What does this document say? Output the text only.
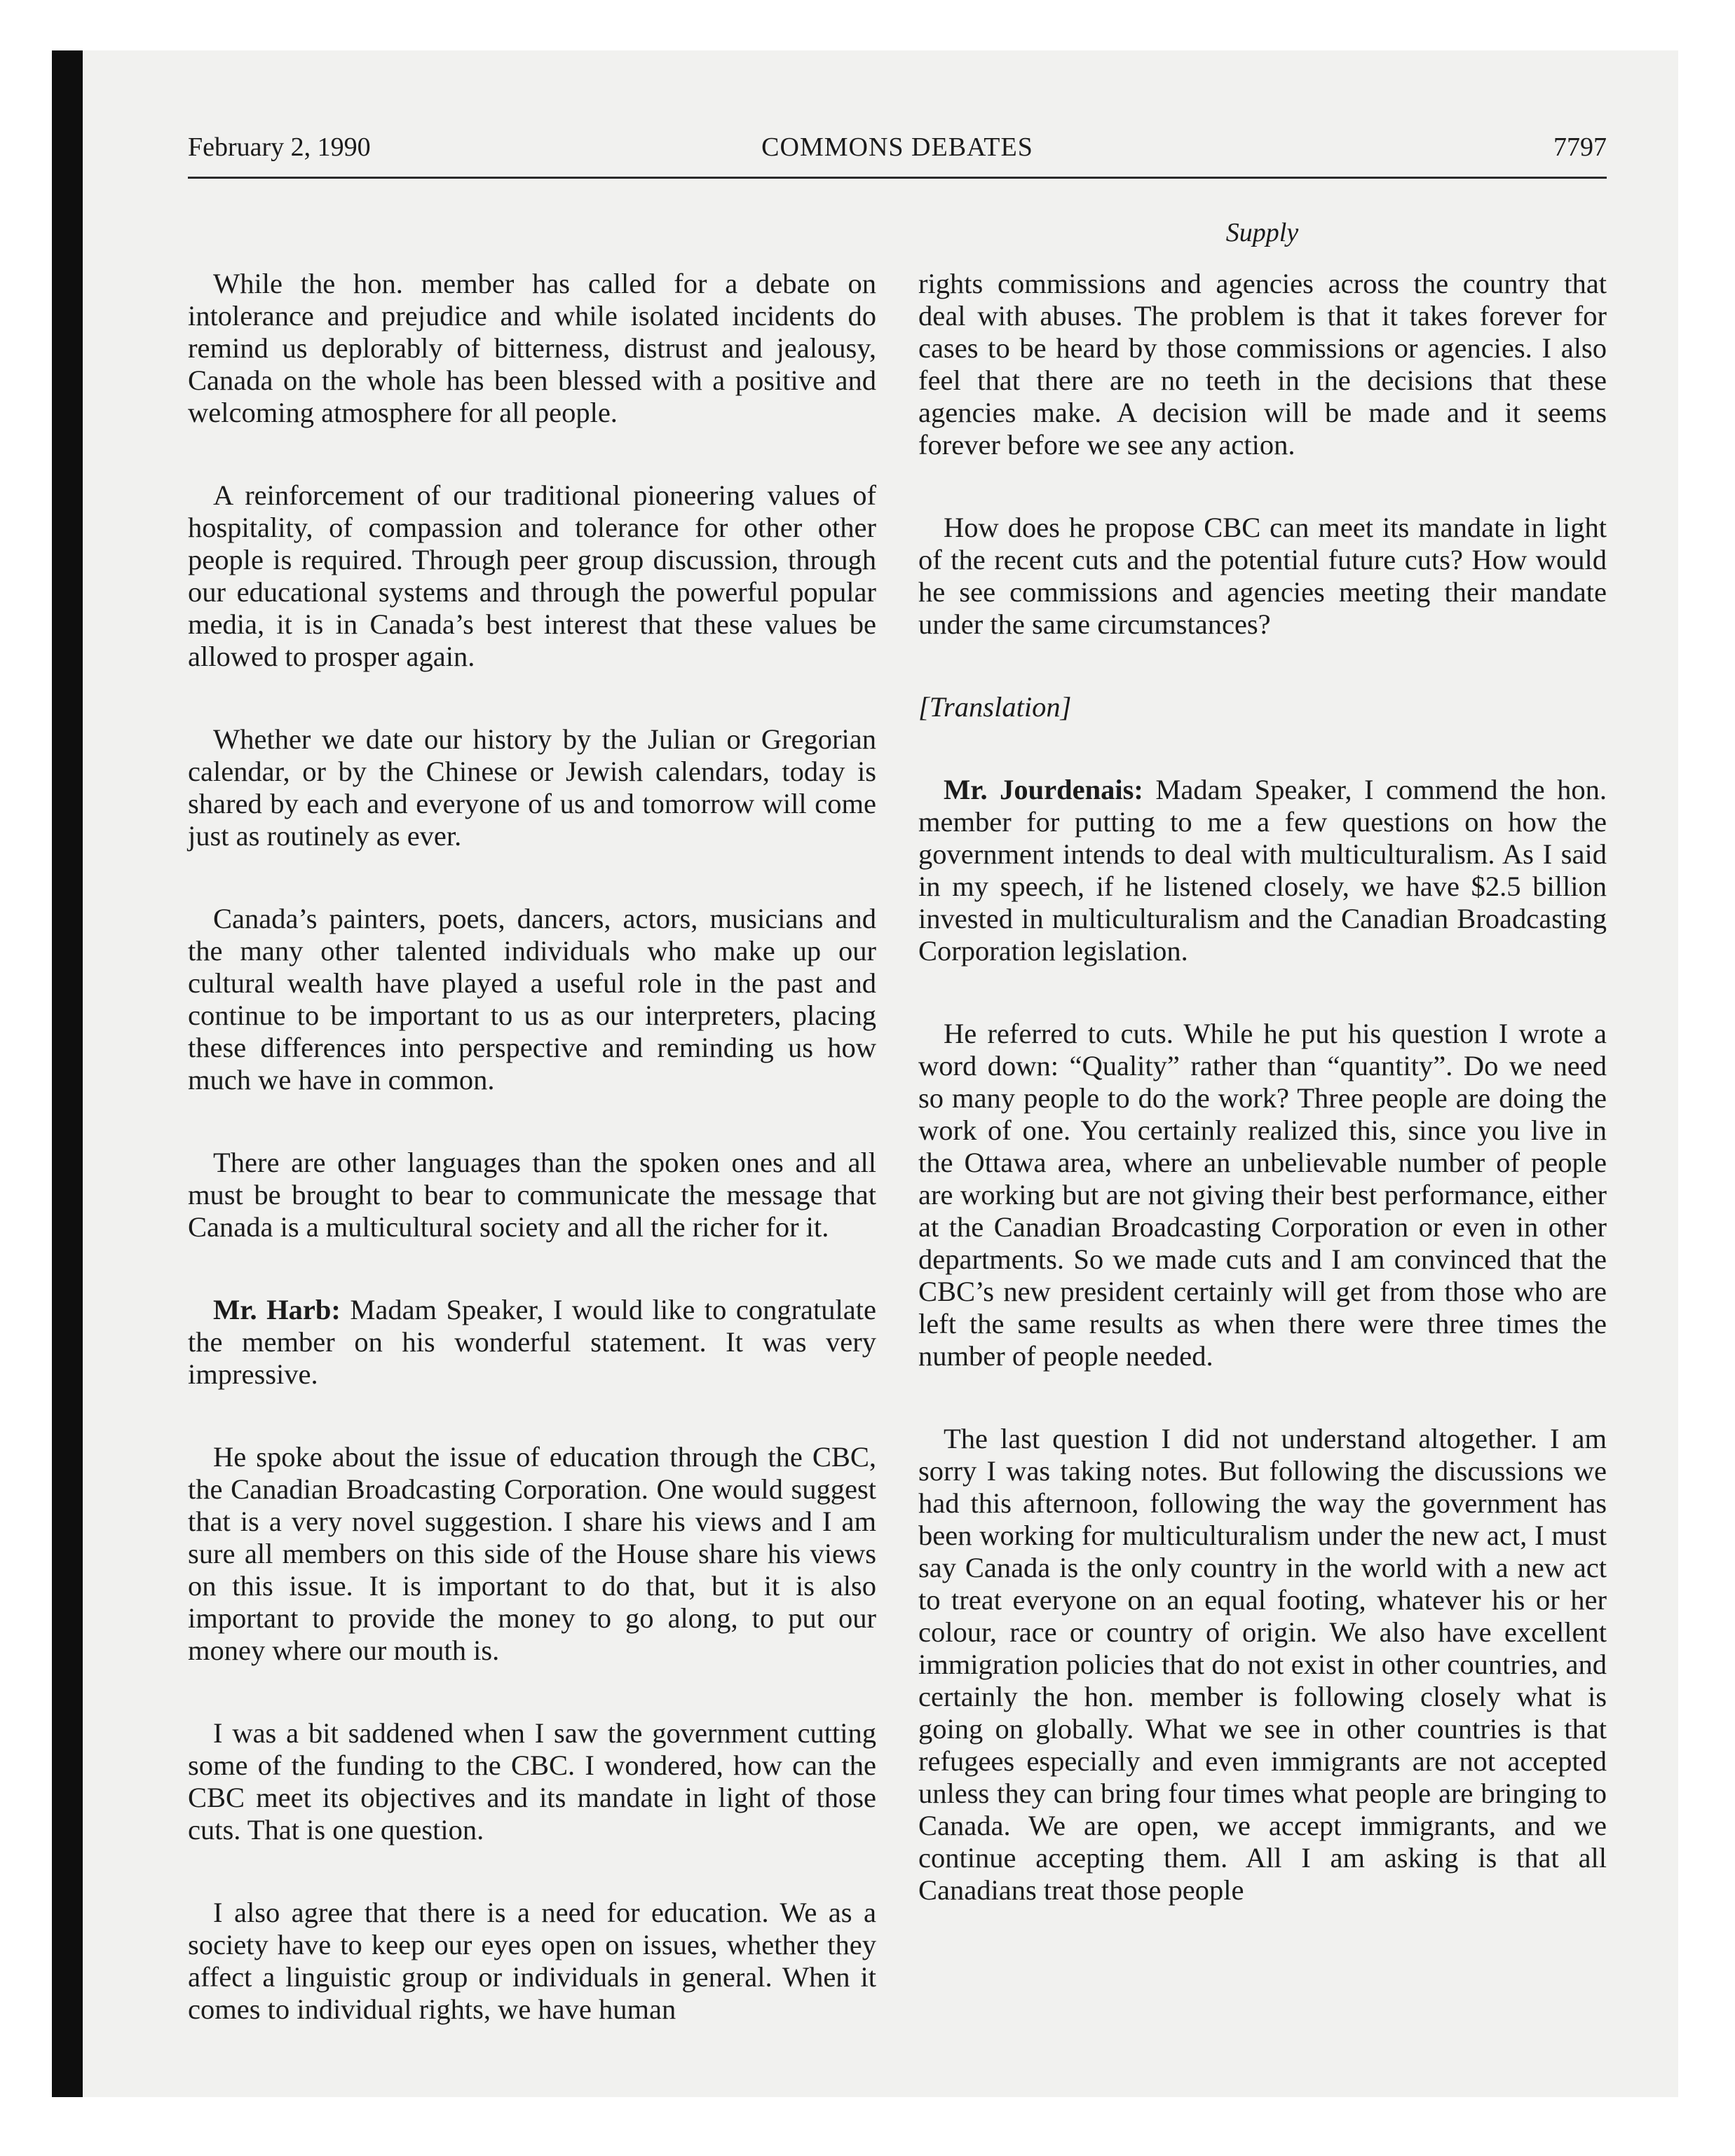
February 2, 1990	COMMONS DEBATES	7797
Supply

While the hon. member has called for a debate on intolerance and prejudice and while isolated incidents do remind us deplorably of bitterness, distrust and jealousy, Canada on the whole has been blessed with a positive and welcoming atmosphere for all people.

A reinforcement of our traditional pioneering values of hospitality, of compassion and tolerance for other other people is required. Through peer group discussion, through our educational systems and through the powerful popular media, it is in Canada’s best interest that these values be allowed to prosper again.

Whether we date our history by the Julian or Gregorian calendar, or by the Chinese or Jewish calendars, today is shared by each and everyone of us and tomorrow will come just as routinely as ever.

Canada’s painters, poets, dancers, actors, musicians and the many other talented individuals who make up our cultural wealth have played a useful role in the past and continue to be important to us as our interpreters, placing these differences into perspective and reminding us how much we have in common.

There are other languages than the spoken ones and all must be brought to bear to communicate the message that Canada is a multicultural society and all the richer for it.

Mr. Harb: Madam Speaker, I would like to congratulate the member on his wonderful statement. It was very impressive.

He spoke about the issue of education through the CBC, the Canadian Broadcasting Corporation. One would suggest that is a very novel suggestion. I share his views and I am sure all members on this side of the House share his views on this issue. It is important to do that, but it is also important to provide the money to go along, to put our money where our mouth is.

I was a bit saddened when I saw the government cutting some of the funding to the CBC. I wondered, how can the CBC meet its objectives and its mandate in light of those cuts. That is one question.

I also agree that there is a need for education. We as a society have to keep our eyes open on issues, whether they affect a linguistic group or individuals in general. When it comes to individual rights, we have human

rights commissions and agencies across the country that deal with abuses. The problem is that it takes forever for cases to be heard by those commissions or agencies. I also feel that there are no teeth in the decisions that these agencies make. A decision will be made and it seems forever before we see any action.

How does he propose CBC can meet its mandate in light of the recent cuts and the potential future cuts? How would he see commissions and agencies meeting their mandate under the same circumstances?

[Translation]

Mr. Jourdenais: Madam Speaker, I commend the hon. member for putting to me a few questions on how the government intends to deal with multiculturalism. As I said in my speech, if he listened closely, we have $2.5 billion invested in multiculturalism and the Canadian Broadcasting Corporation legislation.

He referred to cuts. While he put his question I wrote a word down: “Quality” rather than “quantity”. Do we need so many people to do the work? Three people are doing the work of one. You certainly realized this, since you live in the Ottawa area, where an unbelievable number of people are working but are not giving their best performance, either at the Canadian Broadcasting Corporation or even in other departments. So we made cuts and I am convinced that the CBC’s new president certainly will get from those who are left the same results as when there were three times the number of people needed.

The last question I did not understand altogether. I am sorry I was taking notes. But following the discussions we had this afternoon, following the way the government has been working for multiculturalism under the new act, I must say Canada is the only country in the world with a new act to treat everyone on an equal footing, whatever his or her colour, race or country of origin. We also have excellent immigration policies that do not exist in other countries, and certainly the hon. member is following closely what is going on globally. What we see in other countries is that refugees especially and even immigrants are not accepted unless they can bring four times what people are bringing to Canada. We are open, we accept immigrants, and we continue accepting them. All I am asking is that all Canadians treat those people
